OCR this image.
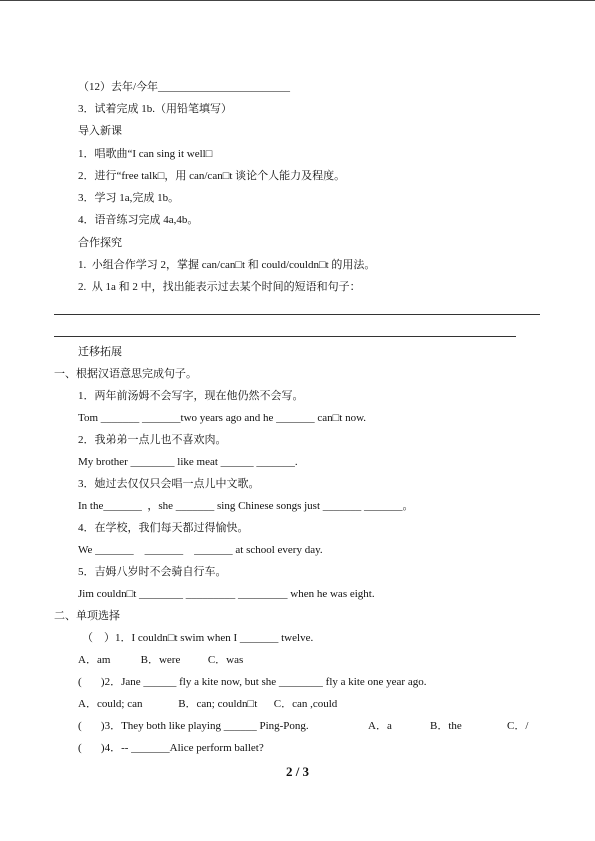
（12）去年/今年________________________
3．试着完成 1b.（用铅笔填写）
导入新课
1．唱歌曲“I can sing it well□
2．进行“free talk□，用 can/can□t 谈论个人能力及程度。
3．学习 1a,完成 1b。
4．语音练习完成 4a,4b。
合作探究
1.  小组合作学习 2，掌握 can/can□t 和 could/couldn□t 的用法。
2.  从 1a 和 2 中，找出能表示过去某个时间的短语和句子：
迁移拓展
一、根据汉语意思完成句子。
1．两年前汤姆不会写字，现在他仍然不会写。
Tom _______ _______two years ago and he _______ can□t now.
2．我弟弟一点儿也不喜欢肉。
My brother ________ like meat ______ _______.
3．她过去仅仅只会唱一点儿中文歌。
In the_______  ，she _______ sing Chinese songs just _______ _______。
4．在学校，我们每天都过得愉快。
We _______    _______    _______ at school every day.
5．吉姆八岁时不会骑自行车。
Jim couldn□t ________ _________ _________ when he was eight.
二、单项选择
（    ）1．I couldn□t swim when I _______ twelve.
A．am           B．were          C．was
(       )2．Jane ______ fly a kite now, but she ________ fly a kite one year ago.
A．could; can             B．can; couldn□t      C．can ,could
(       )3．They both like playing ______ Ping-Pong.	A．a	B．the	C．/
(       )4．-- _______Alice perform ballet?
2 / 3
